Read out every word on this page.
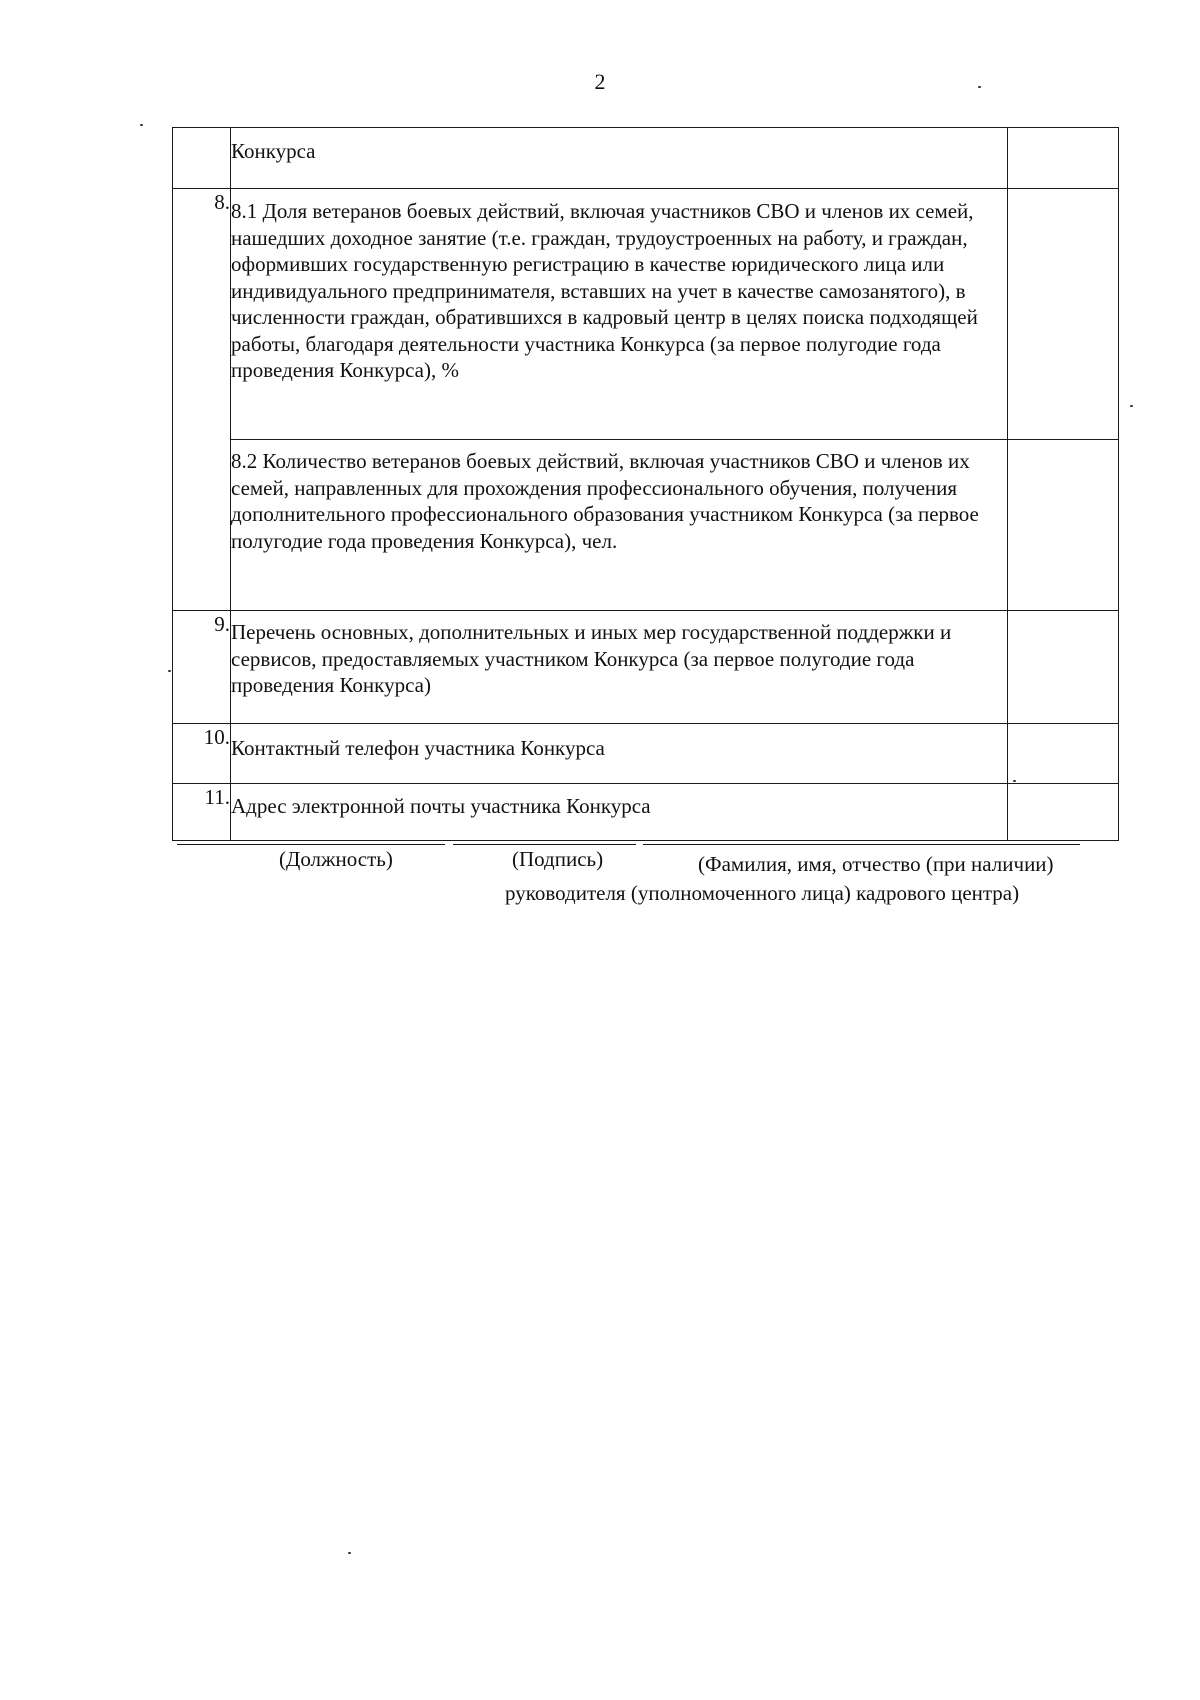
2
	Конкурса	
8.	8.1 Доля ветеранов боевых действий, включая участников СВО и членов их семей, нашедших доходное занятие (т.е. граждан, трудоустроенных на работу, и граждан, оформивших государственную регистрацию в качестве юридического лица или индивидуального предпринимателя, вставших на учет в качестве самозанятого), в численности граждан, обратившихся в кадровый центр в целях поиска подходящей работы, благодаря деятельности участника Конкурса (за первое полугодие года проведения Конкурса), %	
	8.2 Количество ветеранов боевых действий, включая участников СВО и членов их семей, направленных для прохождения профессионального обучения, получения дополнительного профессионального образования участником Конкурса (за первое полугодие года проведения Конкурса), чел.	
9.	Перечень основных, дополнительных и иных мер государственной поддержки и сервисов, предоставляемых участником Конкурса (за первое полугодие года проведения Конкурса)	
10.	Контактный телефон участника Конкурса	
11.	Адрес электронной почты участника Конкурса	
(Должность)	(Подпись)	(Фамилия, имя, отчество (при наличии)
руководителя (уполномоченного лица) кадрового центра)
